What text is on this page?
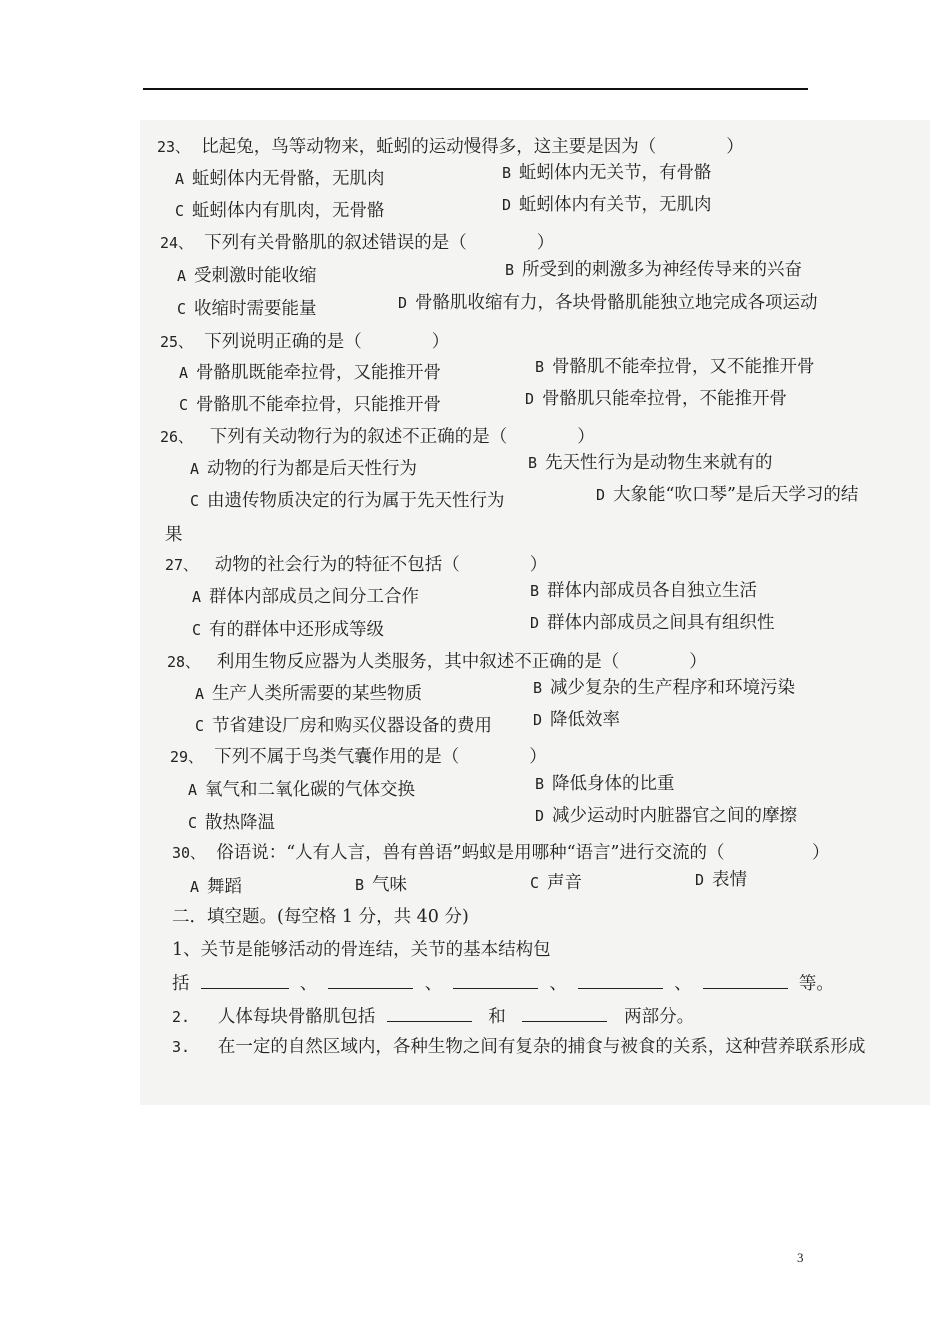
23、 比起兔，鸟等动物来，蚯蚓的运动慢得多，这主要是因为（　　　　）
A 蚯蚓体内无骨骼，无肌肉	B 蚯蚓体内无关节，有骨骼
C 蚯蚓体内有肌肉，无骨骼	D 蚯蚓体内有关节，无肌肉
24、 下列有关骨骼肌的叙述错误的是（　　　　）
A 受刺激时能收缩	B 所受到的刺激多为神经传导来的兴奋
C 收缩时需要能量	D 骨骼肌收缩有力，各块骨骼肌能独立地完成各项运动
25、 下列说明正确的是（　　　　）
A 骨骼肌既能牵拉骨，又能推开骨	B 骨骼肌不能牵拉骨，又不能推开骨
C 骨骼肌不能牵拉骨，只能推开骨	D 骨骼肌只能牵拉骨，不能推开骨
26、 下列有关动物行为的叙述不正确的是（　　　　）
A 动物的行为都是后天性行为	B 先天性行为是动物生来就有的
C 由遗传物质决定的行为属于先天性行为	D 大象能“吹口琴”是后天学习的结
果
27、 动物的社会行为的特征不包括（　　　　）
A 群体内部成员之间分工合作	B 群体内部成员各自独立生活
C 有的群体中还形成等级	D 群体内部成员之间具有组织性
28、 利用生物反应器为人类服务，其中叙述不正确的是（　　　　）
A 生产人类所需要的某些物质	B 减少复杂的生产程序和环境污染
C 节省建设厂房和购买仪器设备的费用	D 降低效率
29、 下列不属于鸟类气囊作用的是（　　　　）
A 氧气和二氧化碳的气体交换	B 降低身体的比重
C 散热降温	D 减少运动时内脏器官之间的摩擦
30、 俗语说：“人有人言，兽有兽语”蚂蚁是用哪种“语言”进行交流的（　　　　　）
A 舞蹈	B 气味	C 声音	D 表情
二．填空题。(每空格 1 分，共 40 分)
1、关节是能够活动的骨连结，关节的基本结构包
括	、	、	、	、	等。
2. 人体每块骨骼肌包括	和	两部分。
3. 在一定的自然区域内，各种生物之间有复杂的捕食与被食的关系，这种营养联系形成
3
